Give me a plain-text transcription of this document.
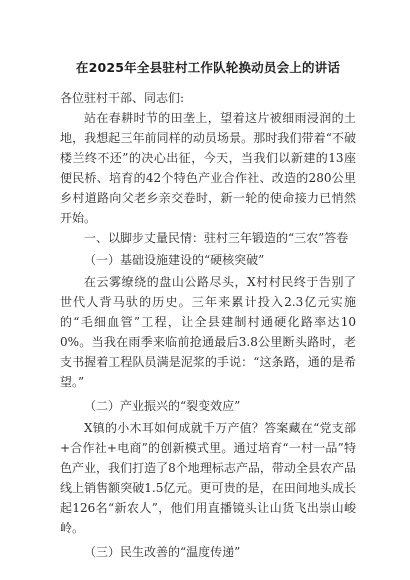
在2025年全县驻村工作队轮换动员会上的讲话

各位驻村干部、同志们:

站在春耕时节的田垄上，望着这片被细雨浸润的土地，我想起三年前同样的动员场景。那时我们带着“不破楼兰终不还”的决心出征，今天，当我们以新建的13座便民桥、培育的42个特色产业合作社、改造的280公里乡村道路向父老乡亲交卷时，新一轮的使命接力已悄然开始。

一、以脚步丈量民情：驻村三年锻造的“三农”答卷

（一）基础设施建设的“硬核突破”

在云雾缭绕的盘山公路尽头，X村村民终于告别了世代人背马驮的历史。三年来累计投入2.3亿元实施的“毛细血管”工程，让全县建制村通硬化路率达100%。当我在雨季来临前抢通最后3.8公里断头路时，老支书握着工程队员满是泥浆的手说：“这条路，通的是希望。”

（二）产业振兴的“裂变效应”

X镇的小木耳如何成就千万产值？答案藏在“党支部+合作社+电商”的创新模式里。通过培育“一村一品”特色产业，我们打造了8个地理标志产品，带动全县农产品线上销售额突破1.5亿元。更可贵的是，在田间地头成长起126名“新农人”，他们用直播镜头让山货飞出崇山峻岭。

（三）民生改善的“温度传递”
